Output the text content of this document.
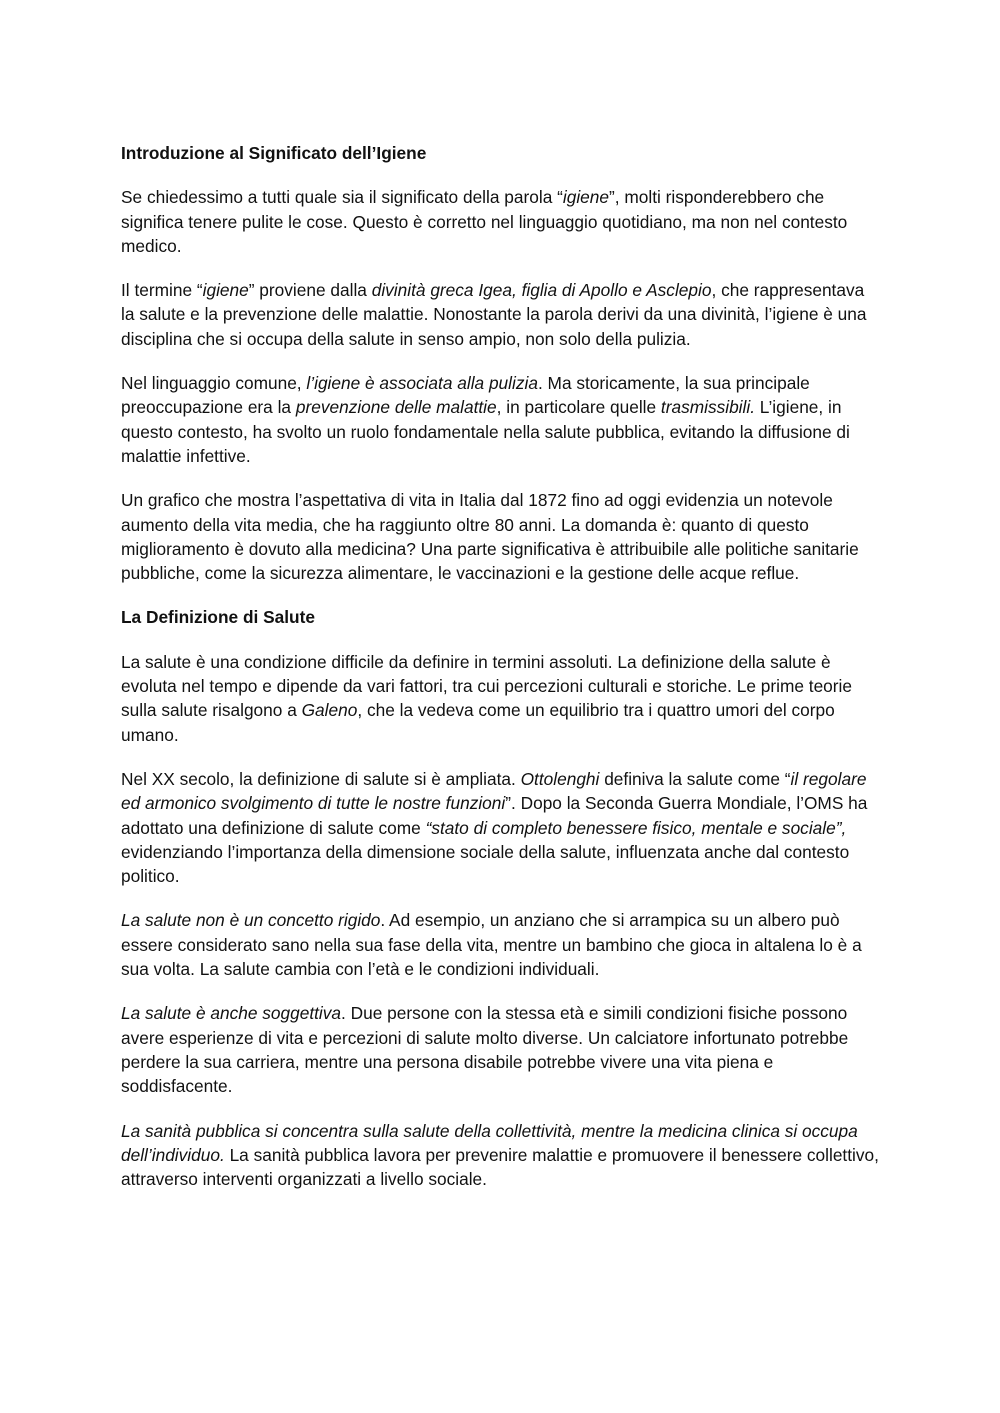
Introduzione al Significato dell’Igiene

Se chiedessimo a tutti quale sia il significato della parola “igiene”, molti risponderebbero che significa tenere pulite le cose. Questo è corretto nel linguaggio quotidiano, ma non nel contesto medico.

Il termine “igiene” proviene dalla divinità greca Igea, figlia di Apollo e Asclepio, che rappresentava la salute e la prevenzione delle malattie. Nonostante la parola derivi da una divinità, l’igiene è una disciplina che si occupa della salute in senso ampio, non solo della pulizia.

Nel linguaggio comune, l’igiene è associata alla pulizia. Ma storicamente, la sua principale preoccupazione era la prevenzione delle malattie, in particolare quelle trasmissibili. L’igiene, in questo contesto, ha svolto un ruolo fondamentale nella salute pubblica, evitando la diffusione di malattie infettive.

Un grafico che mostra l’aspettativa di vita in Italia dal 1872 fino ad oggi evidenzia un notevole aumento della vita media, che ha raggiunto oltre 80 anni. La domanda è: quanto di questo miglioramento è dovuto alla medicina? Una parte significativa è attribuibile alle politiche sanitarie pubbliche, come la sicurezza alimentare, le vaccinazioni e la gestione delle acque reflue.

La Definizione di Salute

La salute è una condizione difficile da definire in termini assoluti. La definizione della salute è evoluta nel tempo e dipende da vari fattori, tra cui percezioni culturali e storiche. Le prime teorie sulla salute risalgono a Galeno, che la vedeva come un equilibrio tra i quattro umori del corpo umano.

Nel XX secolo, la definizione di salute si è ampliata. Ottolenghi definiva la salute come “il regolare ed armonico svolgimento di tutte le nostre funzioni”. Dopo la Seconda Guerra Mondiale, l’OMS ha adottato una definizione di salute come “stato di completo benessere fisico, mentale e sociale”, evidenziando l’importanza della dimensione sociale della salute, influenzata anche dal contesto politico.

La salute non è un concetto rigido. Ad esempio, un anziano che si arrampica su un albero può essere considerato sano nella sua fase della vita, mentre un bambino che gioca in altalena lo è a sua volta. La salute cambia con l’età e le condizioni individuali.

La salute è anche soggettiva. Due persone con la stessa età e simili condizioni fisiche possono avere esperienze di vita e percezioni di salute molto diverse. Un calciatore infortunato potrebbe perdere la sua carriera, mentre una persona disabile potrebbe vivere una vita piena e soddisfacente.

La sanità pubblica si concentra sulla salute della collettività, mentre la medicina clinica si occupa dell’individuo. La sanità pubblica lavora per prevenire malattie e promuovere il benessere collettivo, attraverso interventi organizzati a livello sociale.
